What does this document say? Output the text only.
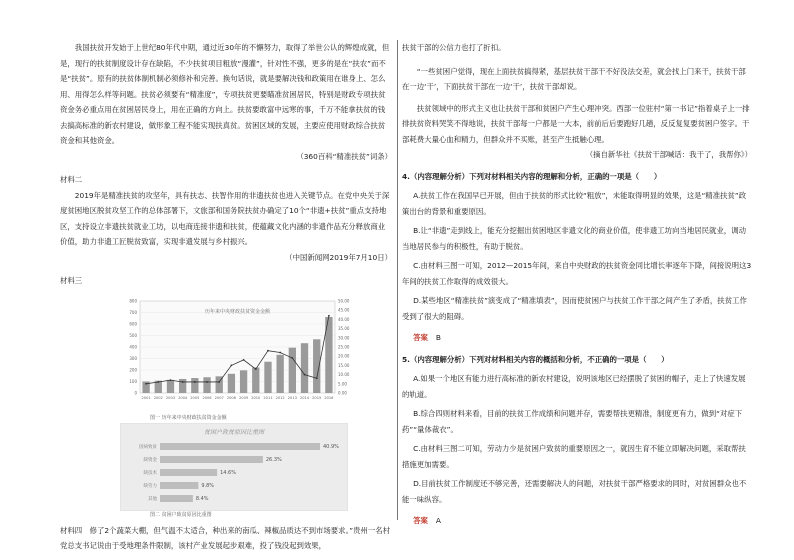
我国扶贫开发始于上世纪80年代中期，通过近30年的不懈努力，取得了举世公认的辉煌成就，但是，现行的扶贫制度设计存在缺陷，不少扶贫项目粗放“漫灌”，针对性不强，更多的是在“扶农”而不是“扶贫”。原有的扶贫体制机制必须修补和完善。换句话说，就是要解决钱和政策用在谁身上、怎么用、用得怎么样等问题。扶贫必须要有“精准度”，专项扶贫更要瞄准贫困居民，特别是财政专项扶贫资金务必重点用在贫困居民身上，用在正确的方向上。扶贫要敢富中远寒的事，千万不能拿扶贫的钱去搞高标准的新农村建设，做形象工程不能实现扶真贫。贫困区域的发展，主要应使用财政综合扶贫资金和其他资金。

（360百科“精准扶贫”词条）

材料二

2019年是精准扶贫的攻坚年，具有扶志、扶智作用的非遗扶贫也进入关键节点。在党中央关于深度贫困地区脱贫攻坚工作的总体部署下，文旅部和国务院扶贫办确定了10个“非遗+扶贫”重点支持地区，支持设立非遗扶贫就业工坊，以电商连接非遗和扶贫，使蕴藏文化内涵的非遗作品充分释放商业价值，助力非遗工匠脱贫致富，实现非遗发展与乡村振兴。

（中国新闻网2019年7月10日）

材料三

历年来中央财政扶贫资金金额
0
100
200
300
400
500
600
700
800
0.00
5.00
10.00
15.00
20.00
25.00
30.00
35.00
40.00
45.00
50.00
2001 2002 2003 2004 2005 2006 2007 2008 2009 2010 2011 2012 2013 2014 2015 2016
图一 历年来中央财政扶贫资金金额
贫困户致贫原因比重图
因病致贫	40.9%
缺资金	26.3%
缺技术	14.6%
缺劳力	9.8%
其他	8.4%
图二 贫困户致贫原因比重图

材料四  修了2个蔬菜大棚，但气温不太适合，种出来的南瓜、辣椒品质达不到市场要求。”贵州一名村党总支书记说由于受地理条件限制，该村产业发展起步艰难，投了钱没起到效果，

扶贫干部的公信力也打了折扣。

“一些贫困户觉得，现在上面扶贫搞得紧，基层扶贫干部干不好没法交差，就会找上门来干，扶贫干部在一边‘干’，下面扶贫干部在一边‘干’，扶贫干部却说。

扶贫领域中的形式主义也让扶贫干部和贫困户产生心理冲突。西部一位驻村“第一书记”指着桌子上一排排扶贫资料哭笑不得地说，扶贫干部每一户都是一大本，前前后后要跑好几趟，反反复复要贫困户签字。干部耗费大量心血和精力，但群众并不买账，甚至产生抵触心理。

（摘自新华社《扶贫干部喊话：我干了，我帮你》）

4.（内容理解分析）下列对材料相关内容的理解和分析，正确的一项是（　　）

A.扶贫工作在我国早已开展，但由于扶贫的形式比较“粗放”，未能取得明显的效果，这是“精准扶贫”政策出台的背景和重要原因。

B.让“非遗”走到线上，能充分挖掘出贫困地区非遗文化的商业价值，使非遗工坊向当地居民就业，调动当地居民参与的积极性，有助于脱贫。

C.由材料三图一可知，2012—2015年间，来自中央财政的扶贫资金同比增长率逐年下降，间接说明这3年间的扶贫工作取得的成效很大。

D.某些地区“精准扶贫”演变成了“精准填表”，因而使贫困户与扶贫工作干部之间产生了矛盾，扶贫工作受到了很大的阻碍。

答案 B

5.（内容理解分析）下列对材料相关内容的概括和分析，不正确的一项是（　　）

A.如果一个地区有能力进行高标准的新农村建设，说明该地区已经摆脱了贫困的帽子，走上了快速发展的轨道。

B.综合四则材料来看，目前的扶贫工作成绩和问题并存，需要帮扶更精准，制度更有力，做到“对症下药”“量体裁衣”。

C.由材料三图二可知，劳动力少是贫困户致贫的重要原因之一，就因生育不能立即解决问题，采取帮扶措施更加需要。

D.目前扶贫工作制度还不够完善，还需要解决人的问题，对扶贫干部严格要求的同时，对贫困群众也不能一味纵容。

答案 A
